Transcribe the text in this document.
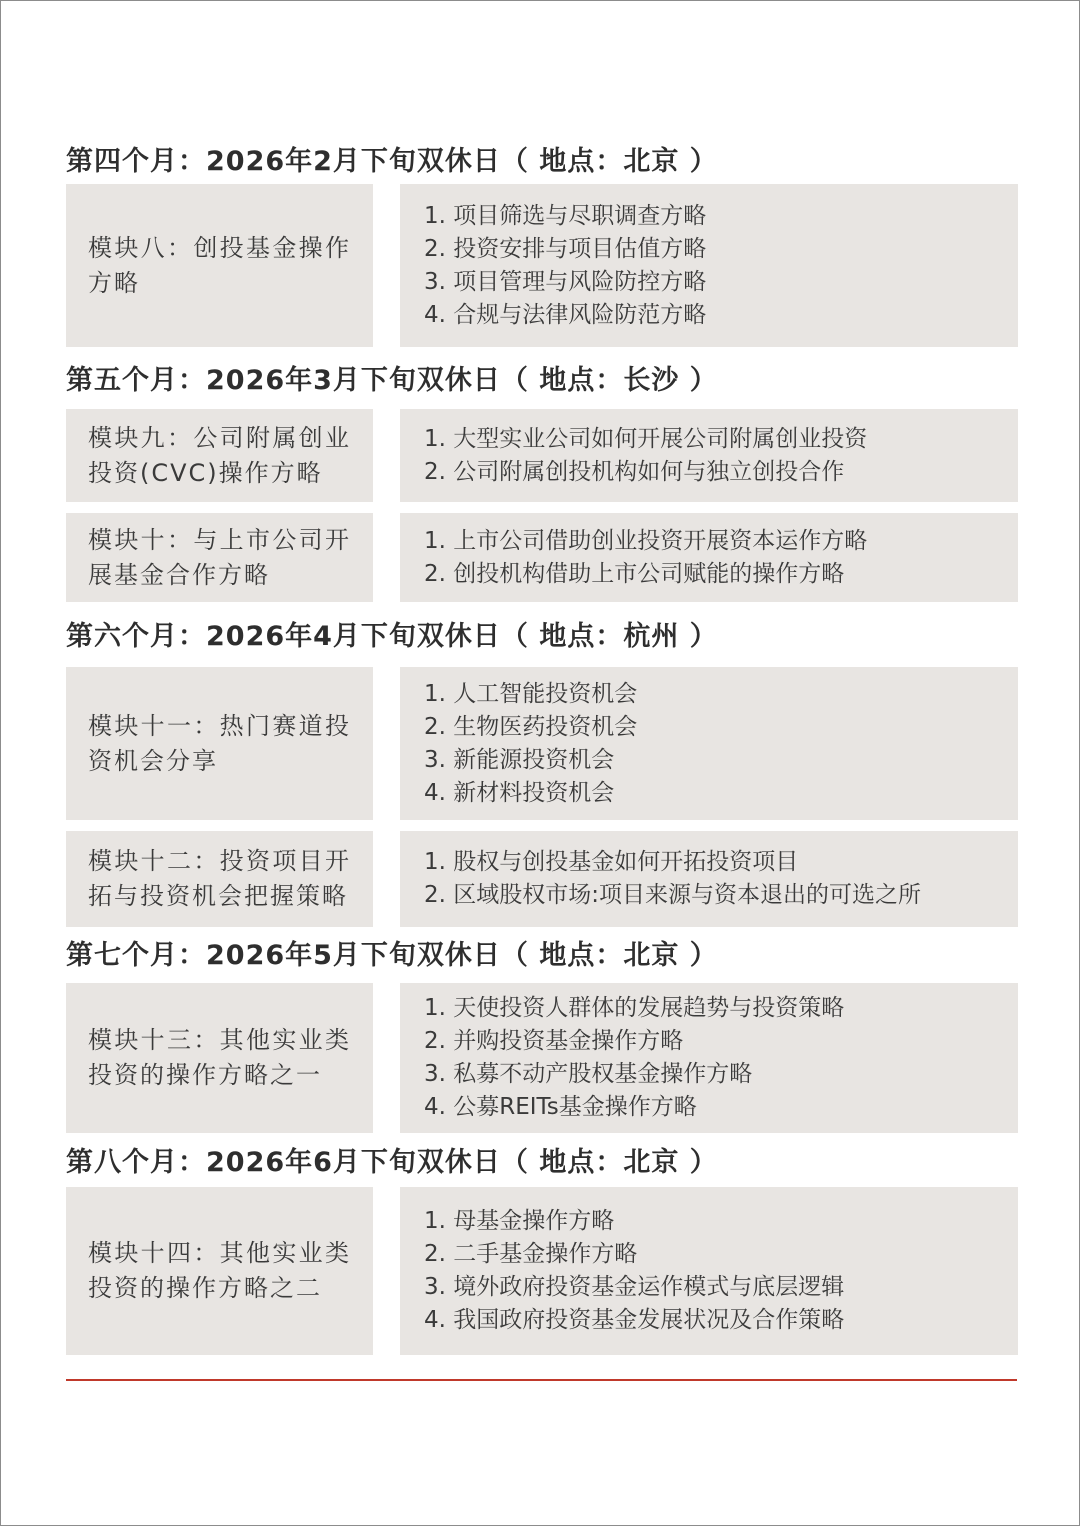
第四个月：2026年2月下旬双休日（ 地点：北京 ）
模块八：创投基金操作方略
1. 项目筛选与尽职调查方略
2. 投资安排与项目估值方略
3. 项目管理与风险防控方略
4. 合规与法律风险防范方略
第五个月：2026年3月下旬双休日（ 地点：长沙 ）
模块九：公司附属创业投资(CVC)操作方略
1. 大型实业公司如何开展公司附属创业投资
2. 公司附属创投机构如何与独立创投合作
模块十：与上市公司开展基金合作方略
1. 上市公司借助创业投资开展资本运作方略
2. 创投机构借助上市公司赋能的操作方略
第六个月：2026年4月下旬双休日（ 地点：杭州 ）
模块十一：热门赛道投资机会分享
1. 人工智能投资机会
2. 生物医药投资机会
3. 新能源投资机会
4. 新材料投资机会
模块十二：投资项目开拓与投资机会把握策略
1. 股权与创投基金如何开拓投资项目
2. 区域股权市场:项目来源与资本退出的可选之所
第七个月：2026年5月下旬双休日（ 地点：北京 ）
模块十三：其他实业类投资的操作方略之一
1. 天使投资人群体的发展趋势与投资策略
2. 并购投资基金操作方略
3. 私募不动产股权基金操作方略
4. 公募REITs基金操作方略
第八个月：2026年6月下旬双休日（ 地点：北京 ）
模块十四：其他实业类投资的操作方略之二
1. 母基金操作方略
2. 二手基金操作方略
3. 境外政府投资基金运作模式与底层逻辑
4. 我国政府投资基金发展状况及合作策略
